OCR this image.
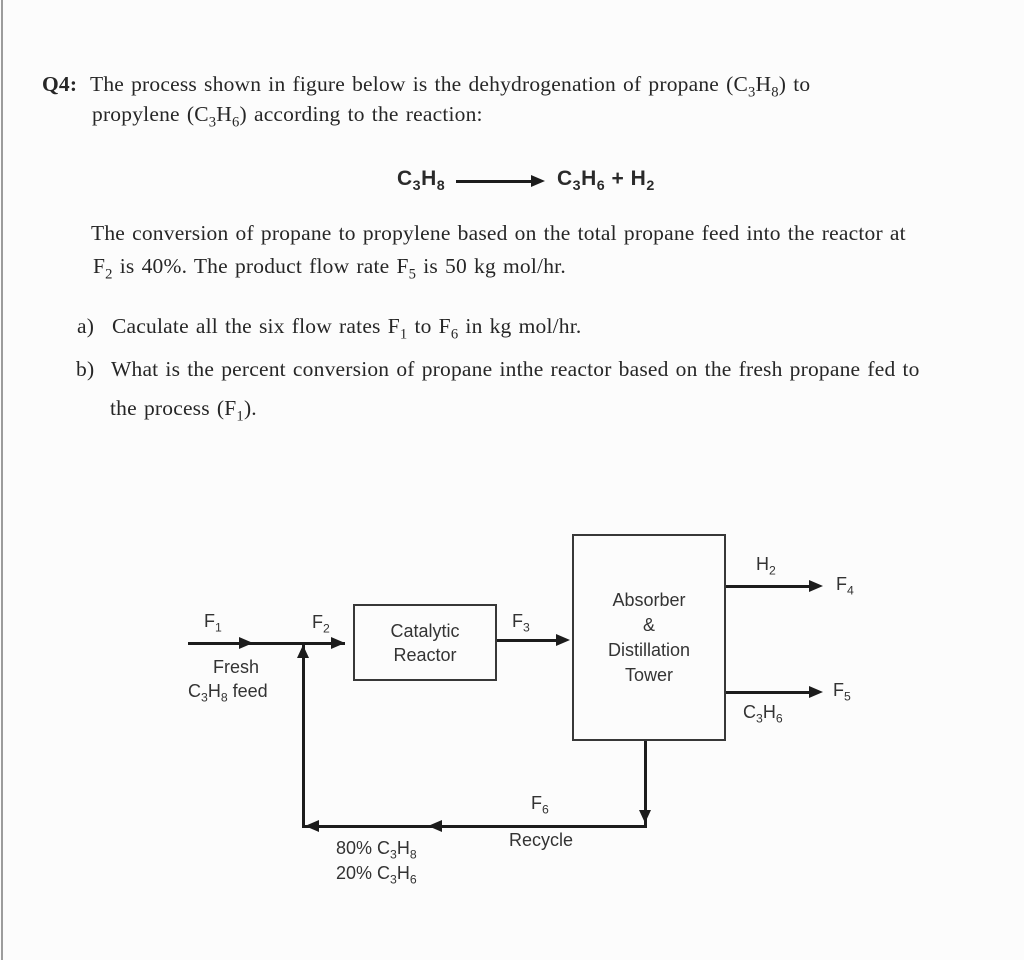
Q4: The process shown in figure below is the dehydrogenation of propane $(C_3H_8)$ to
propylene $(C_3H_6)$ according to the reaction:
$C_3H_8$	$C_3H_6 + H_2$
The conversion of propane to propylene based on the total propane feed into the reactor at
$F_2$ is 40%. The product flow rate $F_5$ is 50 kg mol/hr.
a) Caculate all the six flow rates $F_1$ to $F_6$ in kg mol/hr.
b) What is the percent conversion of propane inthe reactor based on the fresh propane fed to
the process $(F_1)$.
$F_1$	$F_2$
Fresh
$C_3H_8$ feed
Catalytic
Reactor
$F_3$
Absorber
&
Distillation
Tower
$H_2$
$F_4$
$F_5$
$C_3H_6$
$F_6$
Recycle
80% $C_3H_8$
20% $C_3H_6$
